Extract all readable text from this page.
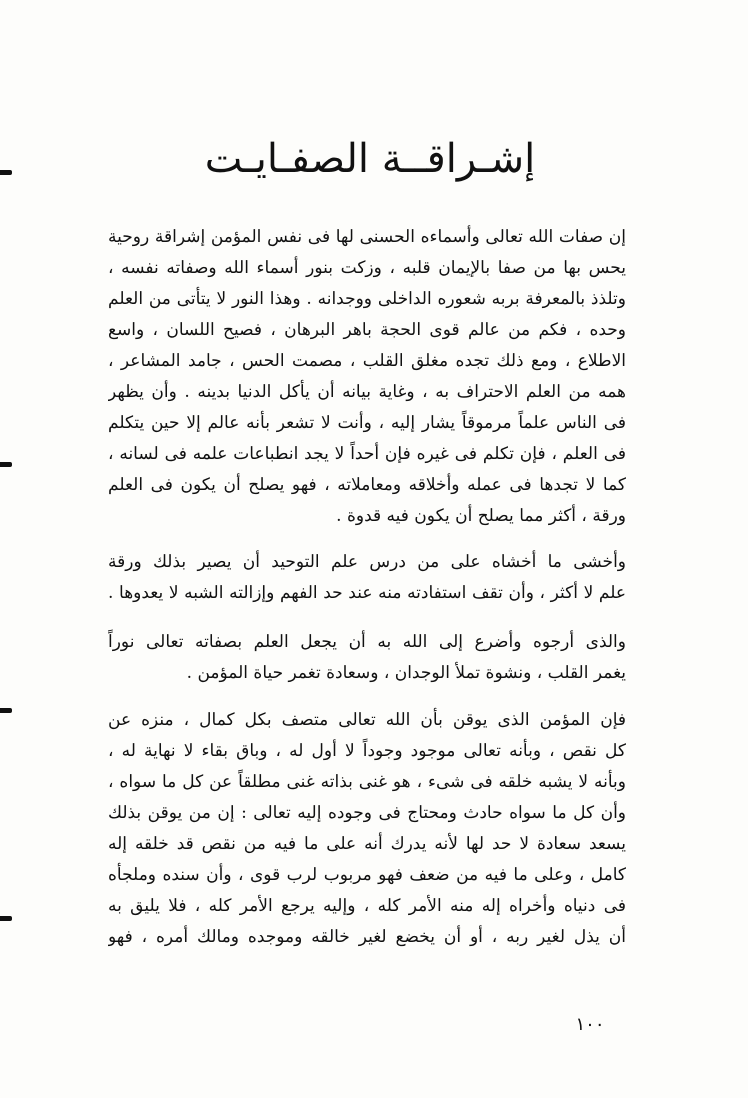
إشـراقــة الصفـايـت
إن صفات الله تعالى وأسماءه الحسنى لها فى نفس المؤمن إشراقة روحية
يحس بها من صفا بالإيمان قلبه ، وزكت بنور أسماء الله وصفاته نفسه ،
وتلذذ بالمعرفة بربه شعوره الداخلى ووجدانه . وهذا النور لا يتأتى من العلم
وحده ، فكم من عالم قوى الحجة باهر البرهان ، فصيح اللسان ، واسع
الاطلاع ، ومع ذلك تجده مغلق القلب ، مصمت الحس ، جامد المشاعر ،
همه من العلم الاحتراف به ، وغاية بيانه أن يأكل الدنيا بدينه . وأن يظهر
فى الناس علماً مرموقاً يشار إليه ، وأنت لا تشعر بأنه عالم إلا حين يتكلم
فى العلم ، فإن تكلم فى غيره فإن أحداً لا يجد انطباعات علمه فى لسانه ،
كما لا تجدها فى عمله وأخلاقه ومعاملاته ، فهو يصلح أن يكون فى العلم
ورقة ، أكثر مما يصلح أن يكون فيه قدوة .
وأخشى ما أخشاه على من درس علم التوحيد أن يصير بذلك ورقة
علم لا أكثر ، وأن تقف استفادته منه عند حد الفهم وإزالته الشبه لا يعدوها .
والذى أرجوه وأضرع إلى الله به أن يجعل العلم بصفاته تعالى نوراً
يغمر القلب ، ونشوة تملأ الوجدان ، وسعادة تغمر حياة المؤمن .
فإن المؤمن الذى يوقن بأن الله تعالى متصف بكل كمال ، منزه عن
كل نقص ، وبأنه تعالى موجود وجوداً لا أول له ، وباق بقاء لا نهاية له ،
وبأنه لا يشبه خلقه فى شىء ، هو غنى بذاته غنى مطلقاً عن كل ما سواه ،
وأن كل ما سواه حادث ومحتاج فى وجوده إليه تعالى : إن من يوقن بذلك
يسعد سعادة لا حد لها لأنه يدرك أنه على ما فيه من نقص قد خلقه إله
كامل ، وعلى ما فيه من ضعف فهو مربوب لرب قوى ، وأن سنده وملجأه
فى دنياه وأخراه إله منه الأمر كله ، وإليه يرجع الأمر كله ، فلا يليق به
أن يذل لغير ربه ، أو أن يخضع لغير خالقه وموجده ومالك أمره ، فهو
١٠٠
